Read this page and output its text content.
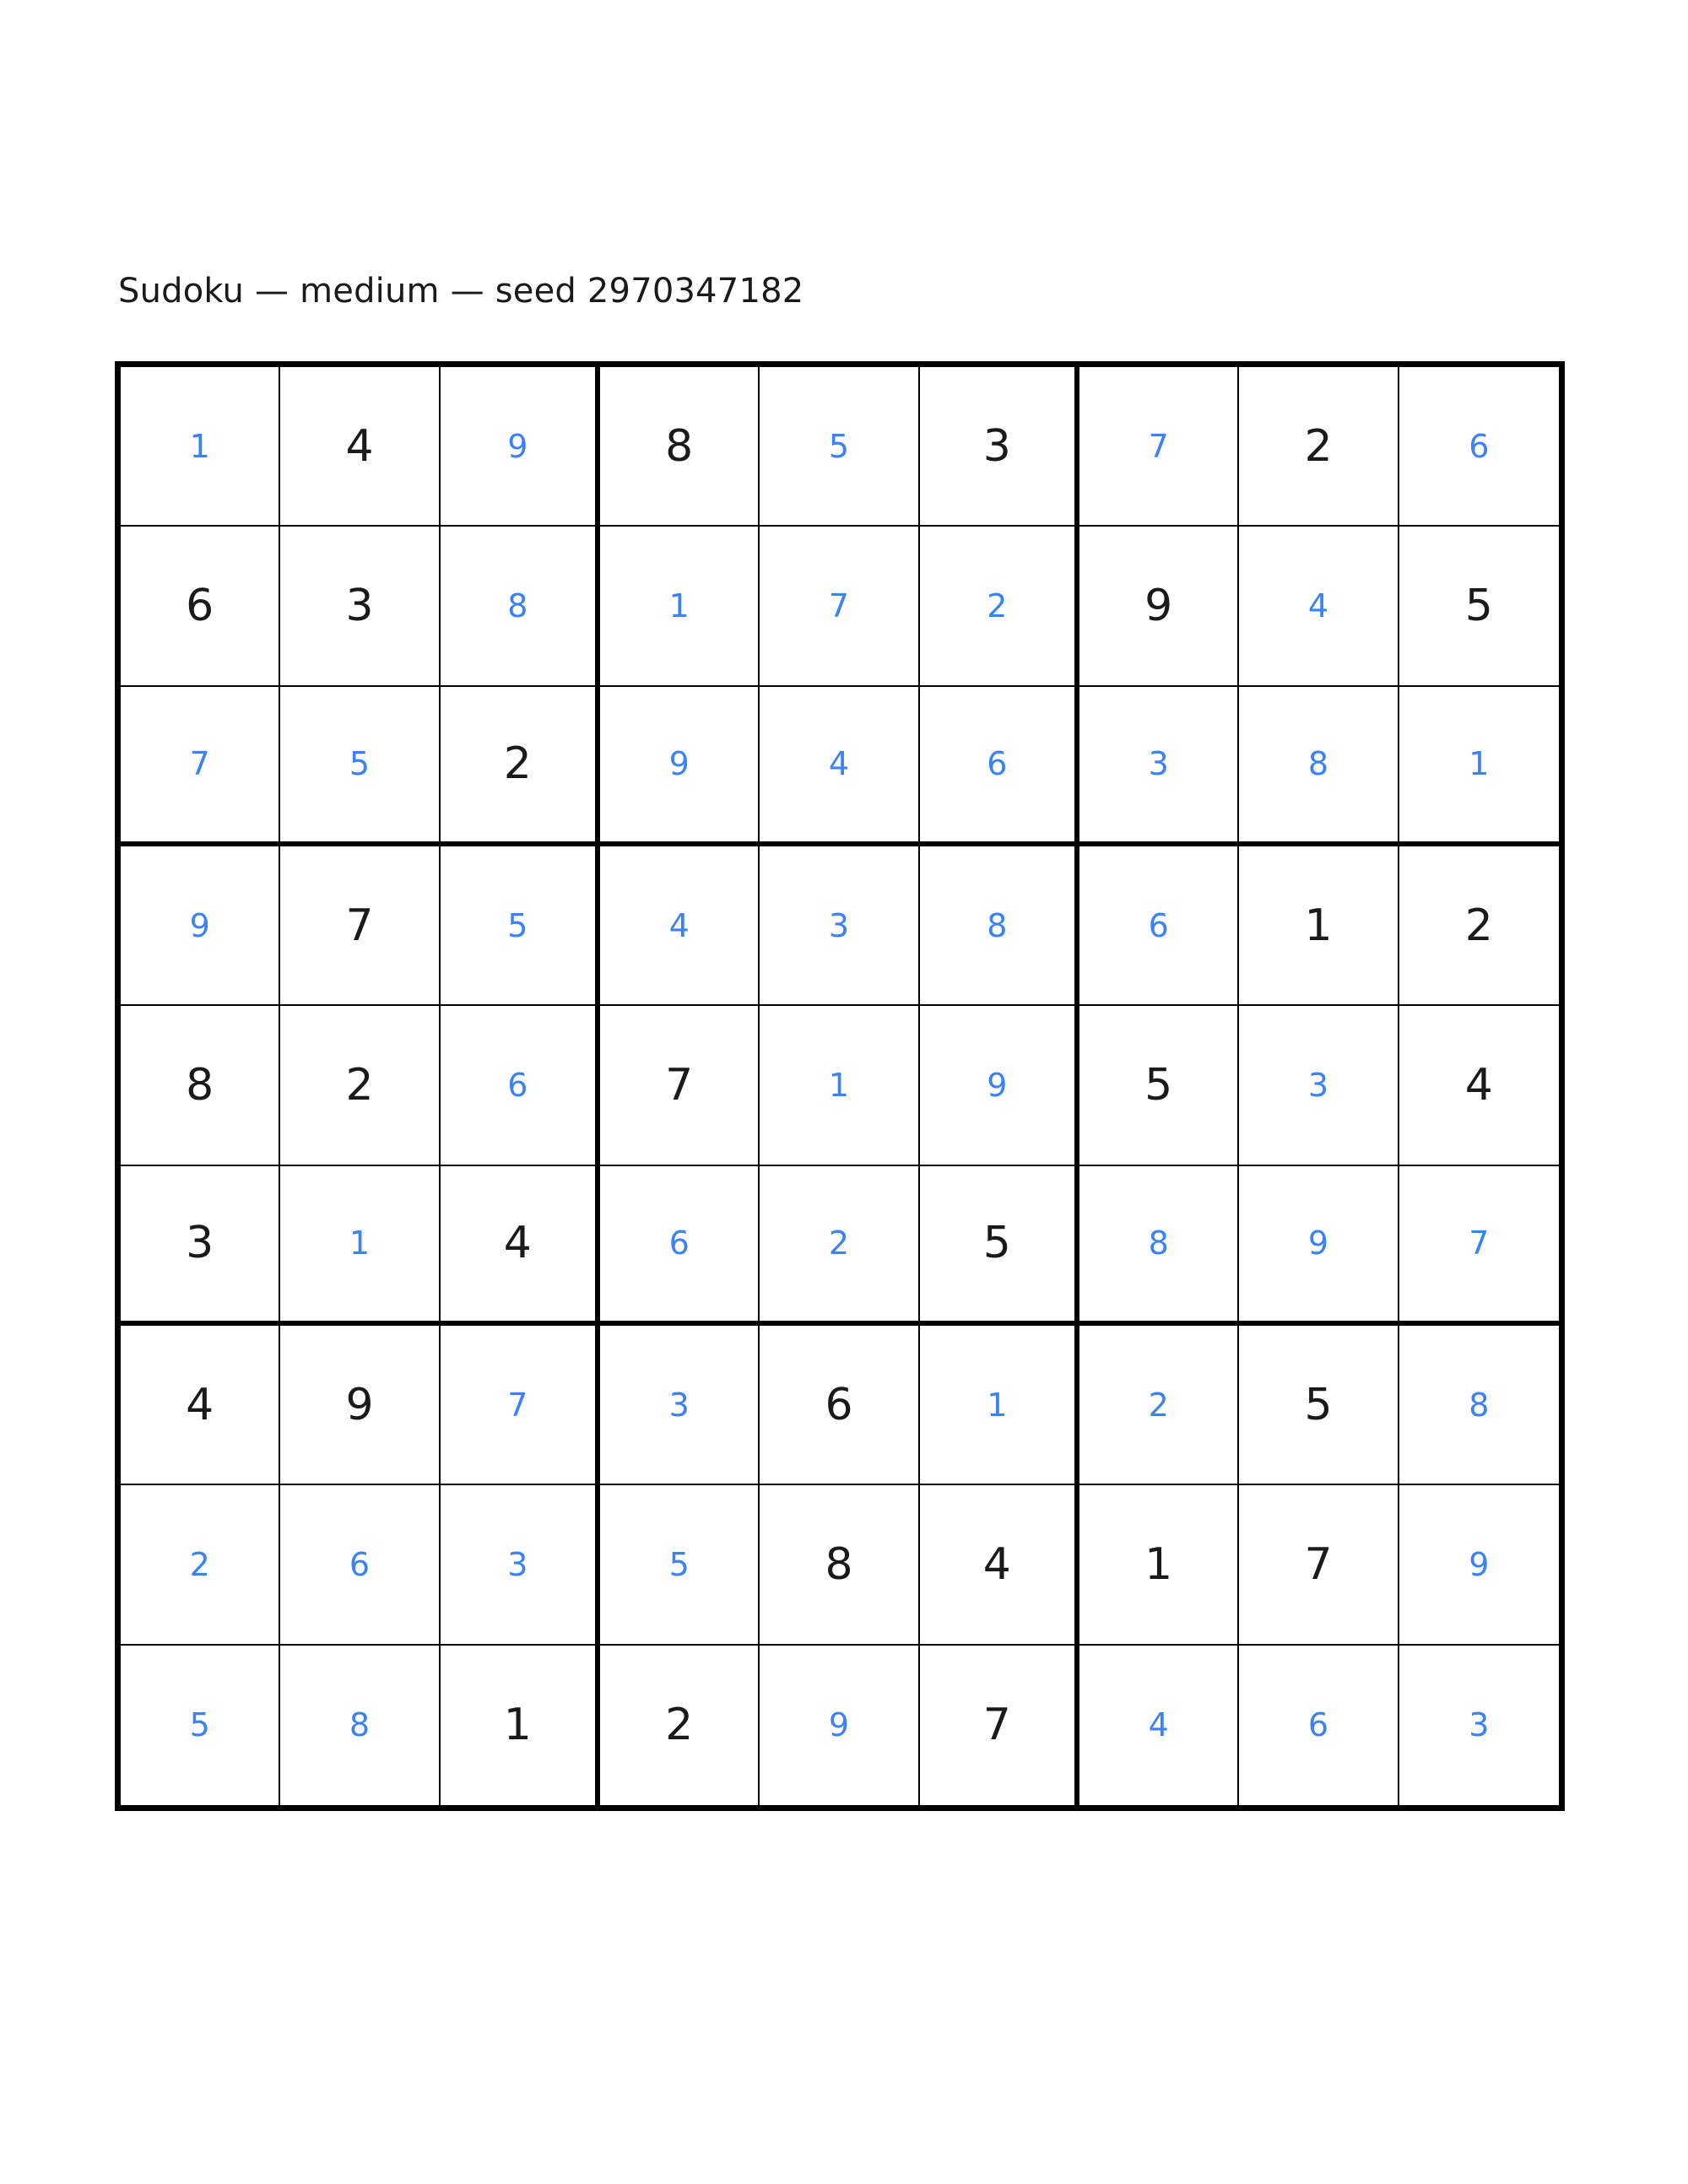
Sudoku — medium — seed 2970347182
1	4	9	8	5	3	7	2	6
6	3	8	1	7	2	9	4	5
7	5	2	9	4	6	3	8	1
9	7	5	4	3	8	6	1	2
8	2	6	7	1	9	5	3	4
3	1	4	6	2	5	8	9	7
4	9	7	3	6	1	2	5	8
2	6	3	5	8	4	1	7	9
5	8	1	2	9	7	4	6	3
